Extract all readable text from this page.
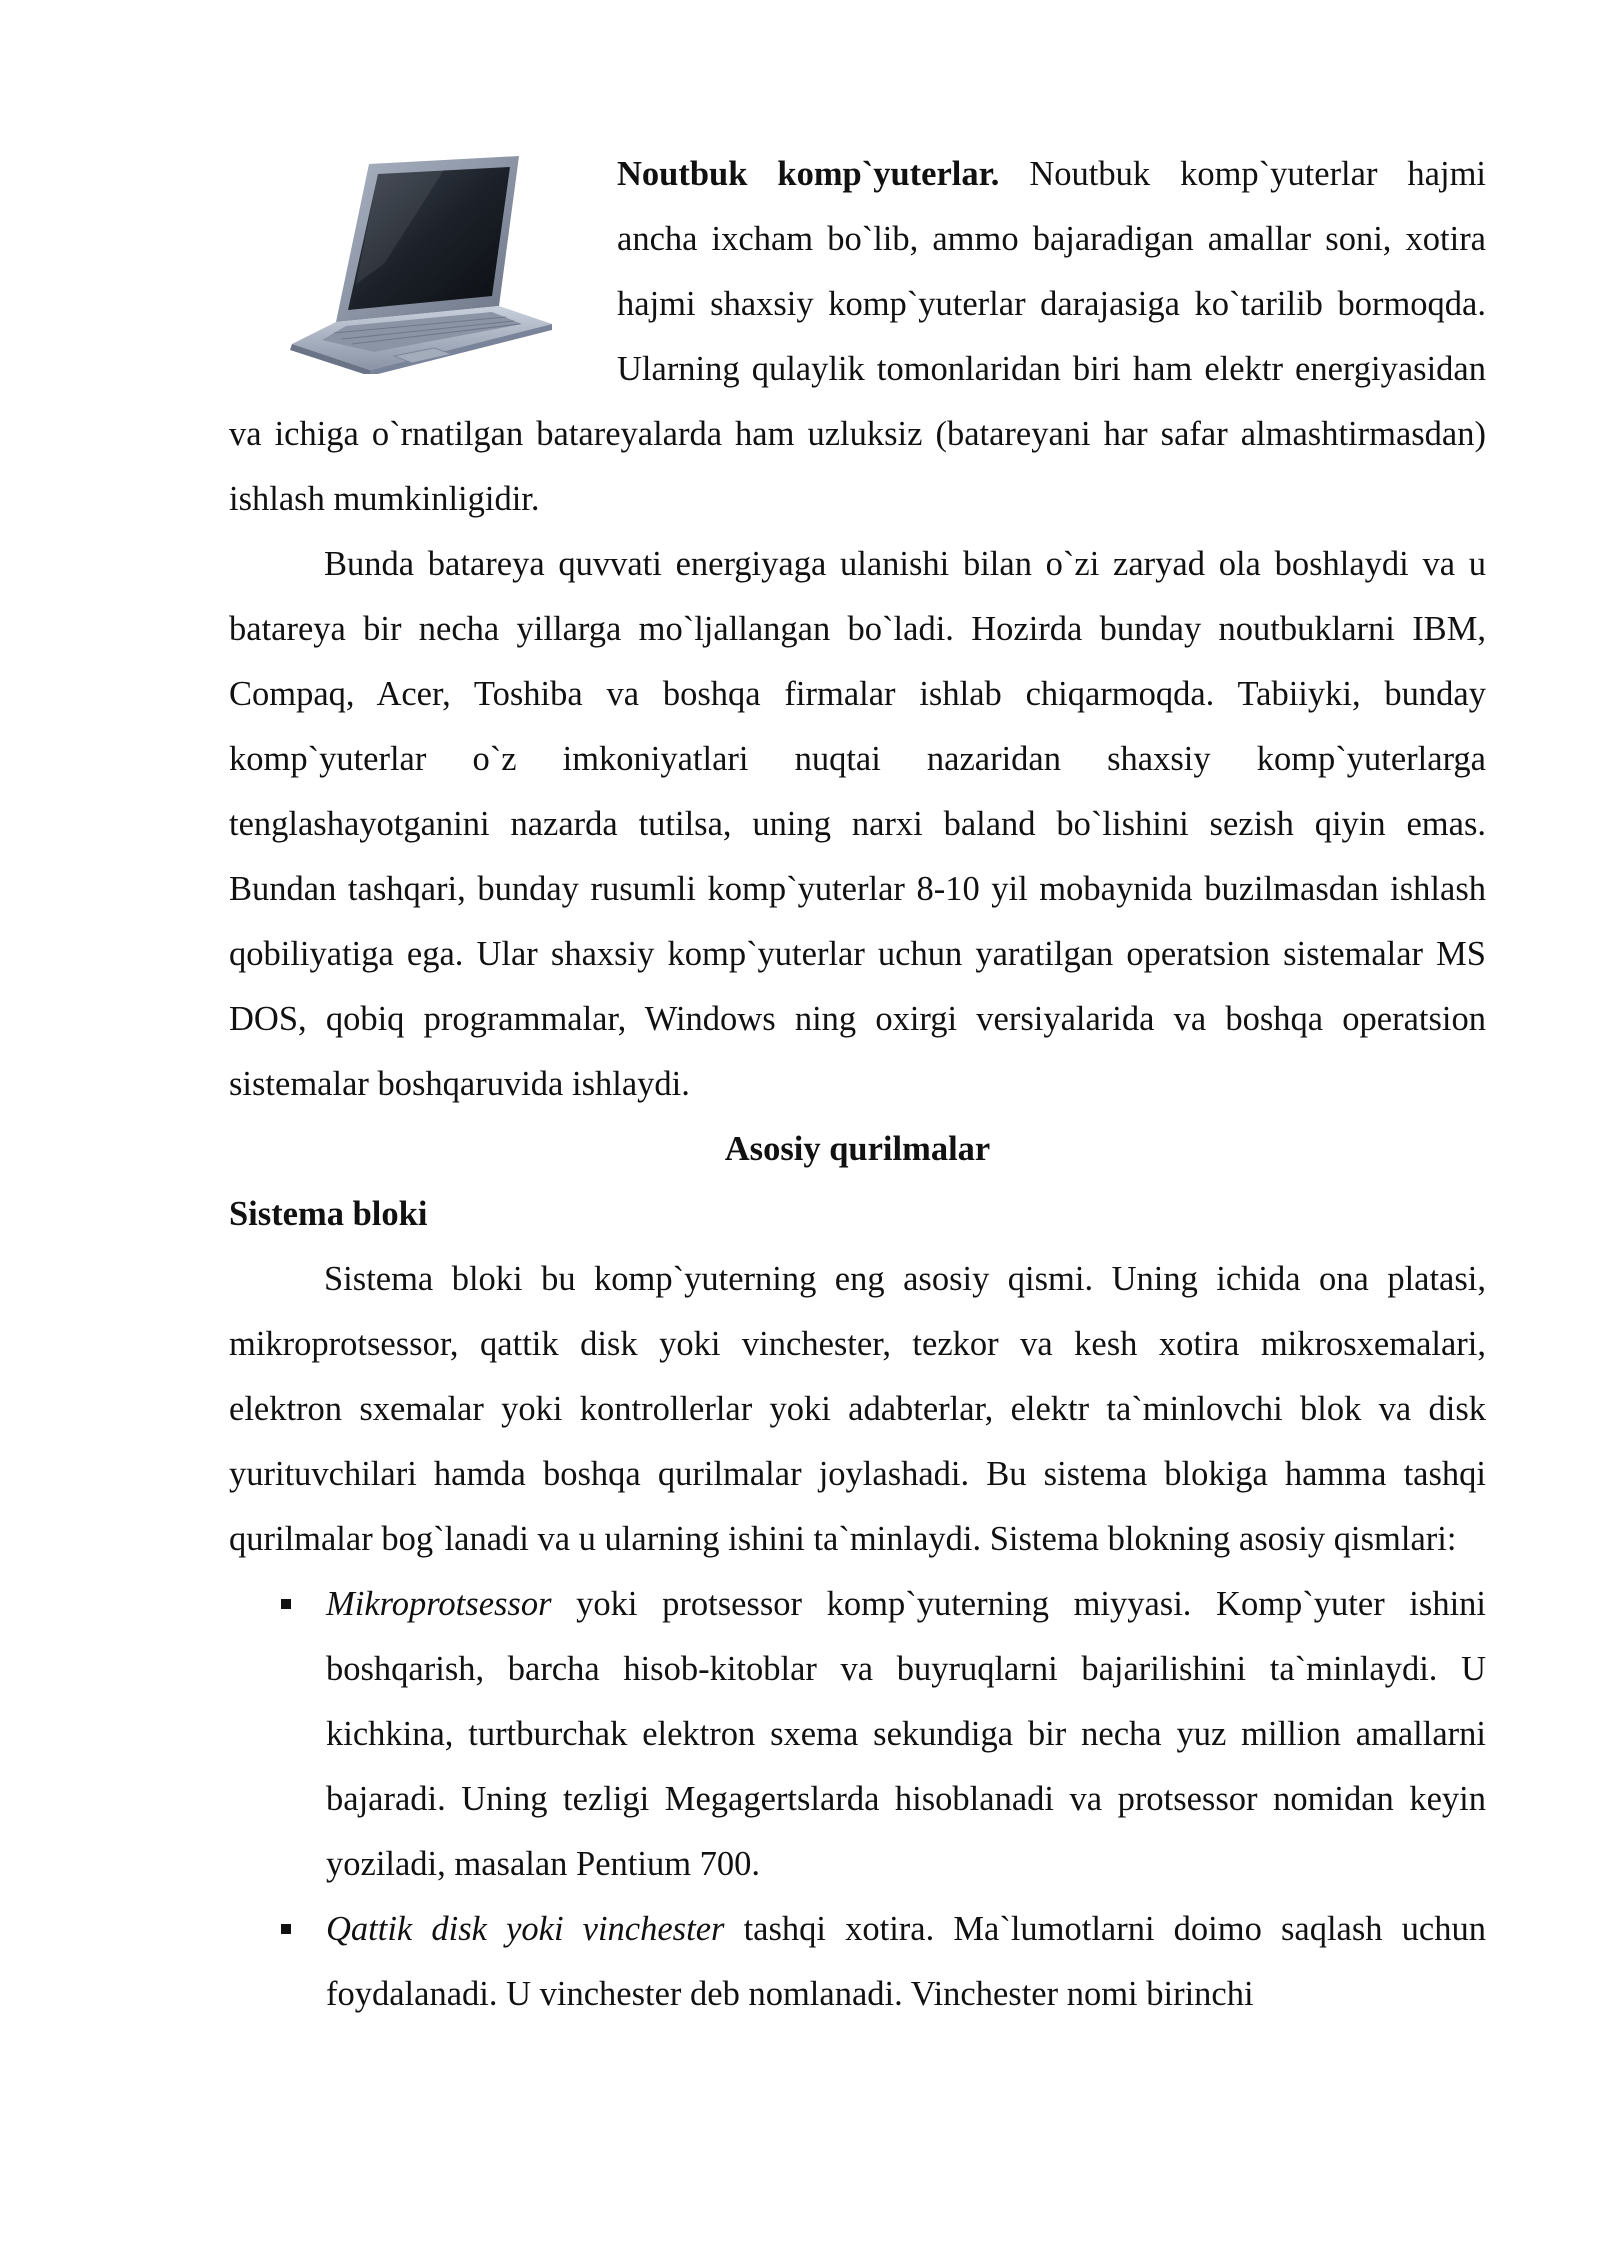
Noutbuk komp`yuterlar. Noutbuk komp`yuterlar hajmi ancha ixcham bo`lib, ammo bajaradigan amallar soni, xotira hajmi shaxsiy komp`yuterlar darajasiga ko`tarilib bormoqda. Ularning qulaylik tomonlaridan biri ham elektr energiyasidan va ichiga o`rnatilgan batareyalarda ham uzluksiz (batareyani har safar almashtirmasdan) ishlash mumkinligidir.

Bunda batareya quvvati energiyaga ulanishi bilan o`zi zaryad ola boshlaydi va u batareya bir necha yillarga mo`ljallangan bo`ladi. Hozirda bunday noutbuklarni IBM, Compaq, Acer, Toshiba va boshqa firmalar ishlab chiqarmoqda. Tabiiyki, bunday komp`yuterlar o`z imkoniyatlari nuqtai nazaridan shaxsiy komp`yuterlarga tenglashayotganini nazarda tutilsa, uning narxi baland bo`lishini sezish qiyin emas. Bundan tashqari, bunday rusumli komp`yuterlar 8-10 yil mobaynida buzilmasdan ishlash qobiliyatiga ega. Ular shaxsiy komp`yuterlar uchun yaratilgan operatsion sistemalar MS DOS, qobiq programmalar, Windows ning oxirgi versiyalarida va boshqa operatsion sistemalar boshqaruvida ishlaydi.

Asosiy qurilmalar
Sistema bloki

Sistema bloki bu komp`yuterning eng asosiy qismi. Uning ichida ona platasi, mikroprotsessor, qattik disk yoki vinchester, tezkor va kesh xotira mikrosxemalari, elektron sxemalar yoki kontrollerlar yoki adabterlar, elektr ta`minlovchi blok va disk yurituvchilari hamda boshqa qurilmalar joylashadi. Bu sistema blokiga hamma tashqi qurilmalar bog`lanadi va u ularning ishini ta`minlaydi. Sistema blokning asosiy qismlari:

Mikroprotsessor yoki protsessor komp`yuterning miyyasi. Komp`yuter ishini boshqarish, barcha hisob-kitoblar va buyruqlarni bajarilishini ta`minlaydi. U kichkina, turtburchak elektron sxema sekundiga bir necha yuz million amallarni bajaradi. Uning tezligi Megagertslarda hisoblanadi va protsessor nomidan keyin yoziladi, masalan Pentium 700.
Qattik disk yoki vinchester tashqi xotira. Ma`lumotlarni doimo saqlash uchun foydalanadi. U vinchester deb nomlanadi. Vinchester nomi birinchi
